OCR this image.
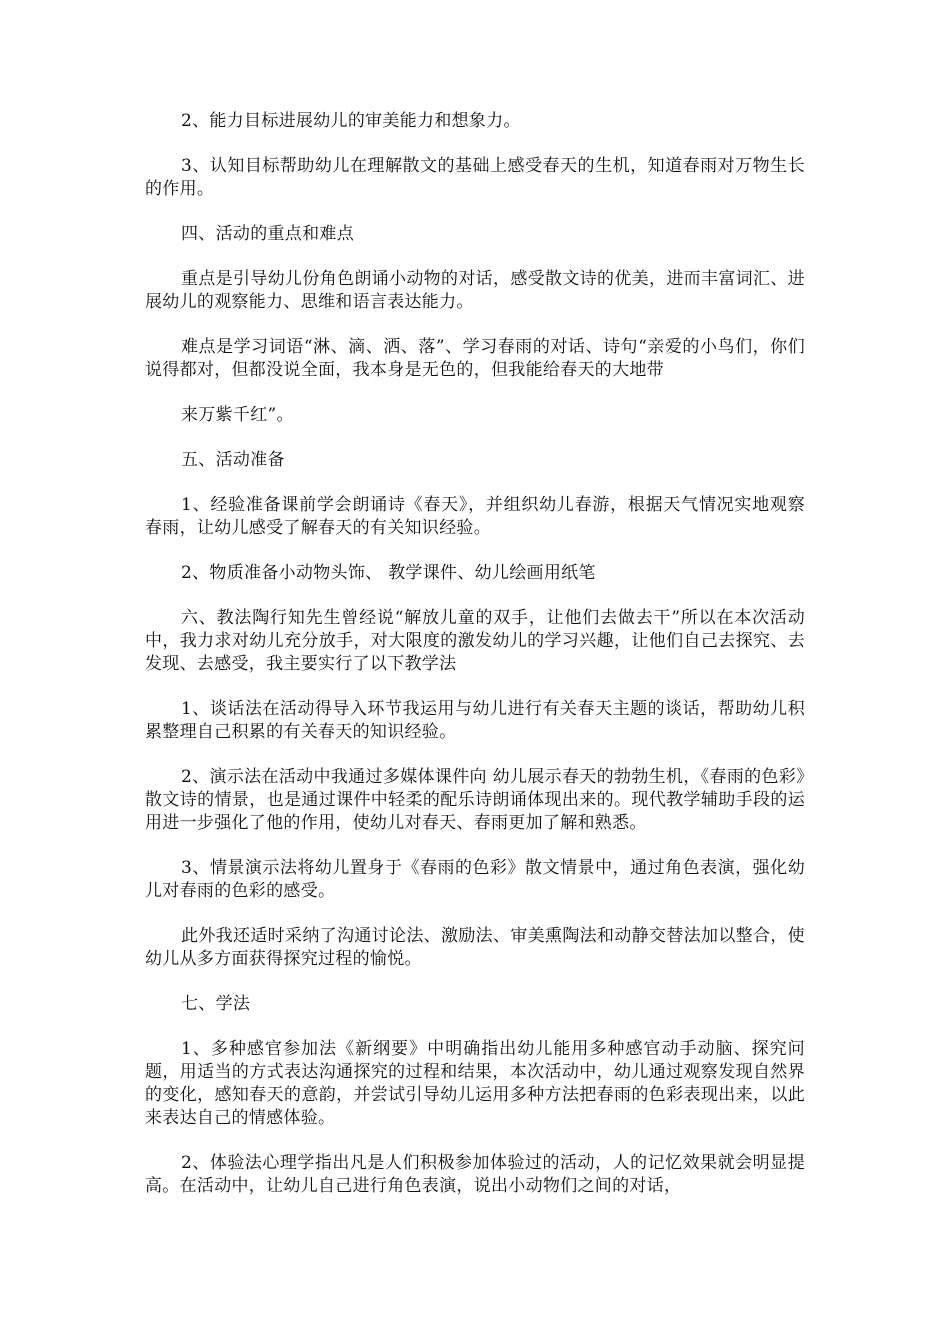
2、能力目标进展幼儿的审美能力和想象力。

3、认知目标帮助幼儿在理解散文的基础上感受春天的生机，知道春雨对万物生长的作用。

四、活动的重点和难点

重点是引导幼儿份角色朗诵小动物的对话，感受散文诗的优美，进而丰富词汇、进展幼儿的观察能力、思维和语言表达能力。

难点是学习词语“淋、滴、洒、落”、学习春雨的对话、诗句“亲爱的小鸟们，你们说得都对，但都没说全面，我本身是无色的，但我能给春天的大地带

来万紫千红”。

五、活动准备

1、经验准备课前学会朗诵诗《春天》，并组织幼儿春游，根据天气情况实地观察春雨，让幼儿感受了解春天的有关知识经验。

2、物质准备小动物头饰、 教学课件、幼儿绘画用纸笔

六、教法陶行知先生曾经说“解放儿童的双手，让他们去做去干”所以在本次活动中，我力求对幼儿充分放手，对大限度的激发幼儿的学习兴趣，让他们自己去探究、去发现、去感受，我主要实行了以下教学法

1、谈话法在活动得导入环节我运用与幼儿进行有关春天主题的谈话，帮助幼儿积累整理自己积累的有关春天的知识经验。

2、演示法在活动中我通过多媒体课件向 幼儿展示春天的勃勃生机，《春雨的色彩》散文诗的情景，也是通过课件中轻柔的配乐诗朗诵体现出来的。现代教学辅助手段的运用进一步强化了他的作用，使幼儿对春天、春雨更加了解和熟悉。

3、情景演示法将幼儿置身于《春雨的色彩》散文情景中，通过角色表演，强化幼儿对春雨的色彩的感受。

此外我还适时采纳了沟通讨论法、激励法、审美熏陶法和动静交替法加以整合，使幼儿从多方面获得探究过程的愉悦。

七、学法

1、多种感官参加法《新纲要》中明确指出幼儿能用多种感官动手动脑、探究问题，用适当的方式表达沟通探究的过程和结果，本次活动中，幼儿通过观察发现自然界的变化，感知春天的意韵，并尝试引导幼儿运用多种方法把春雨的色彩表现出来，以此来表达自己的情感体验。

2、体验法心理学指出凡是人们积极参加体验过的活动，人的记忆效果就会明显提高。在活动中，让幼儿自己进行角色表演，说出小动物们之间的对话，
